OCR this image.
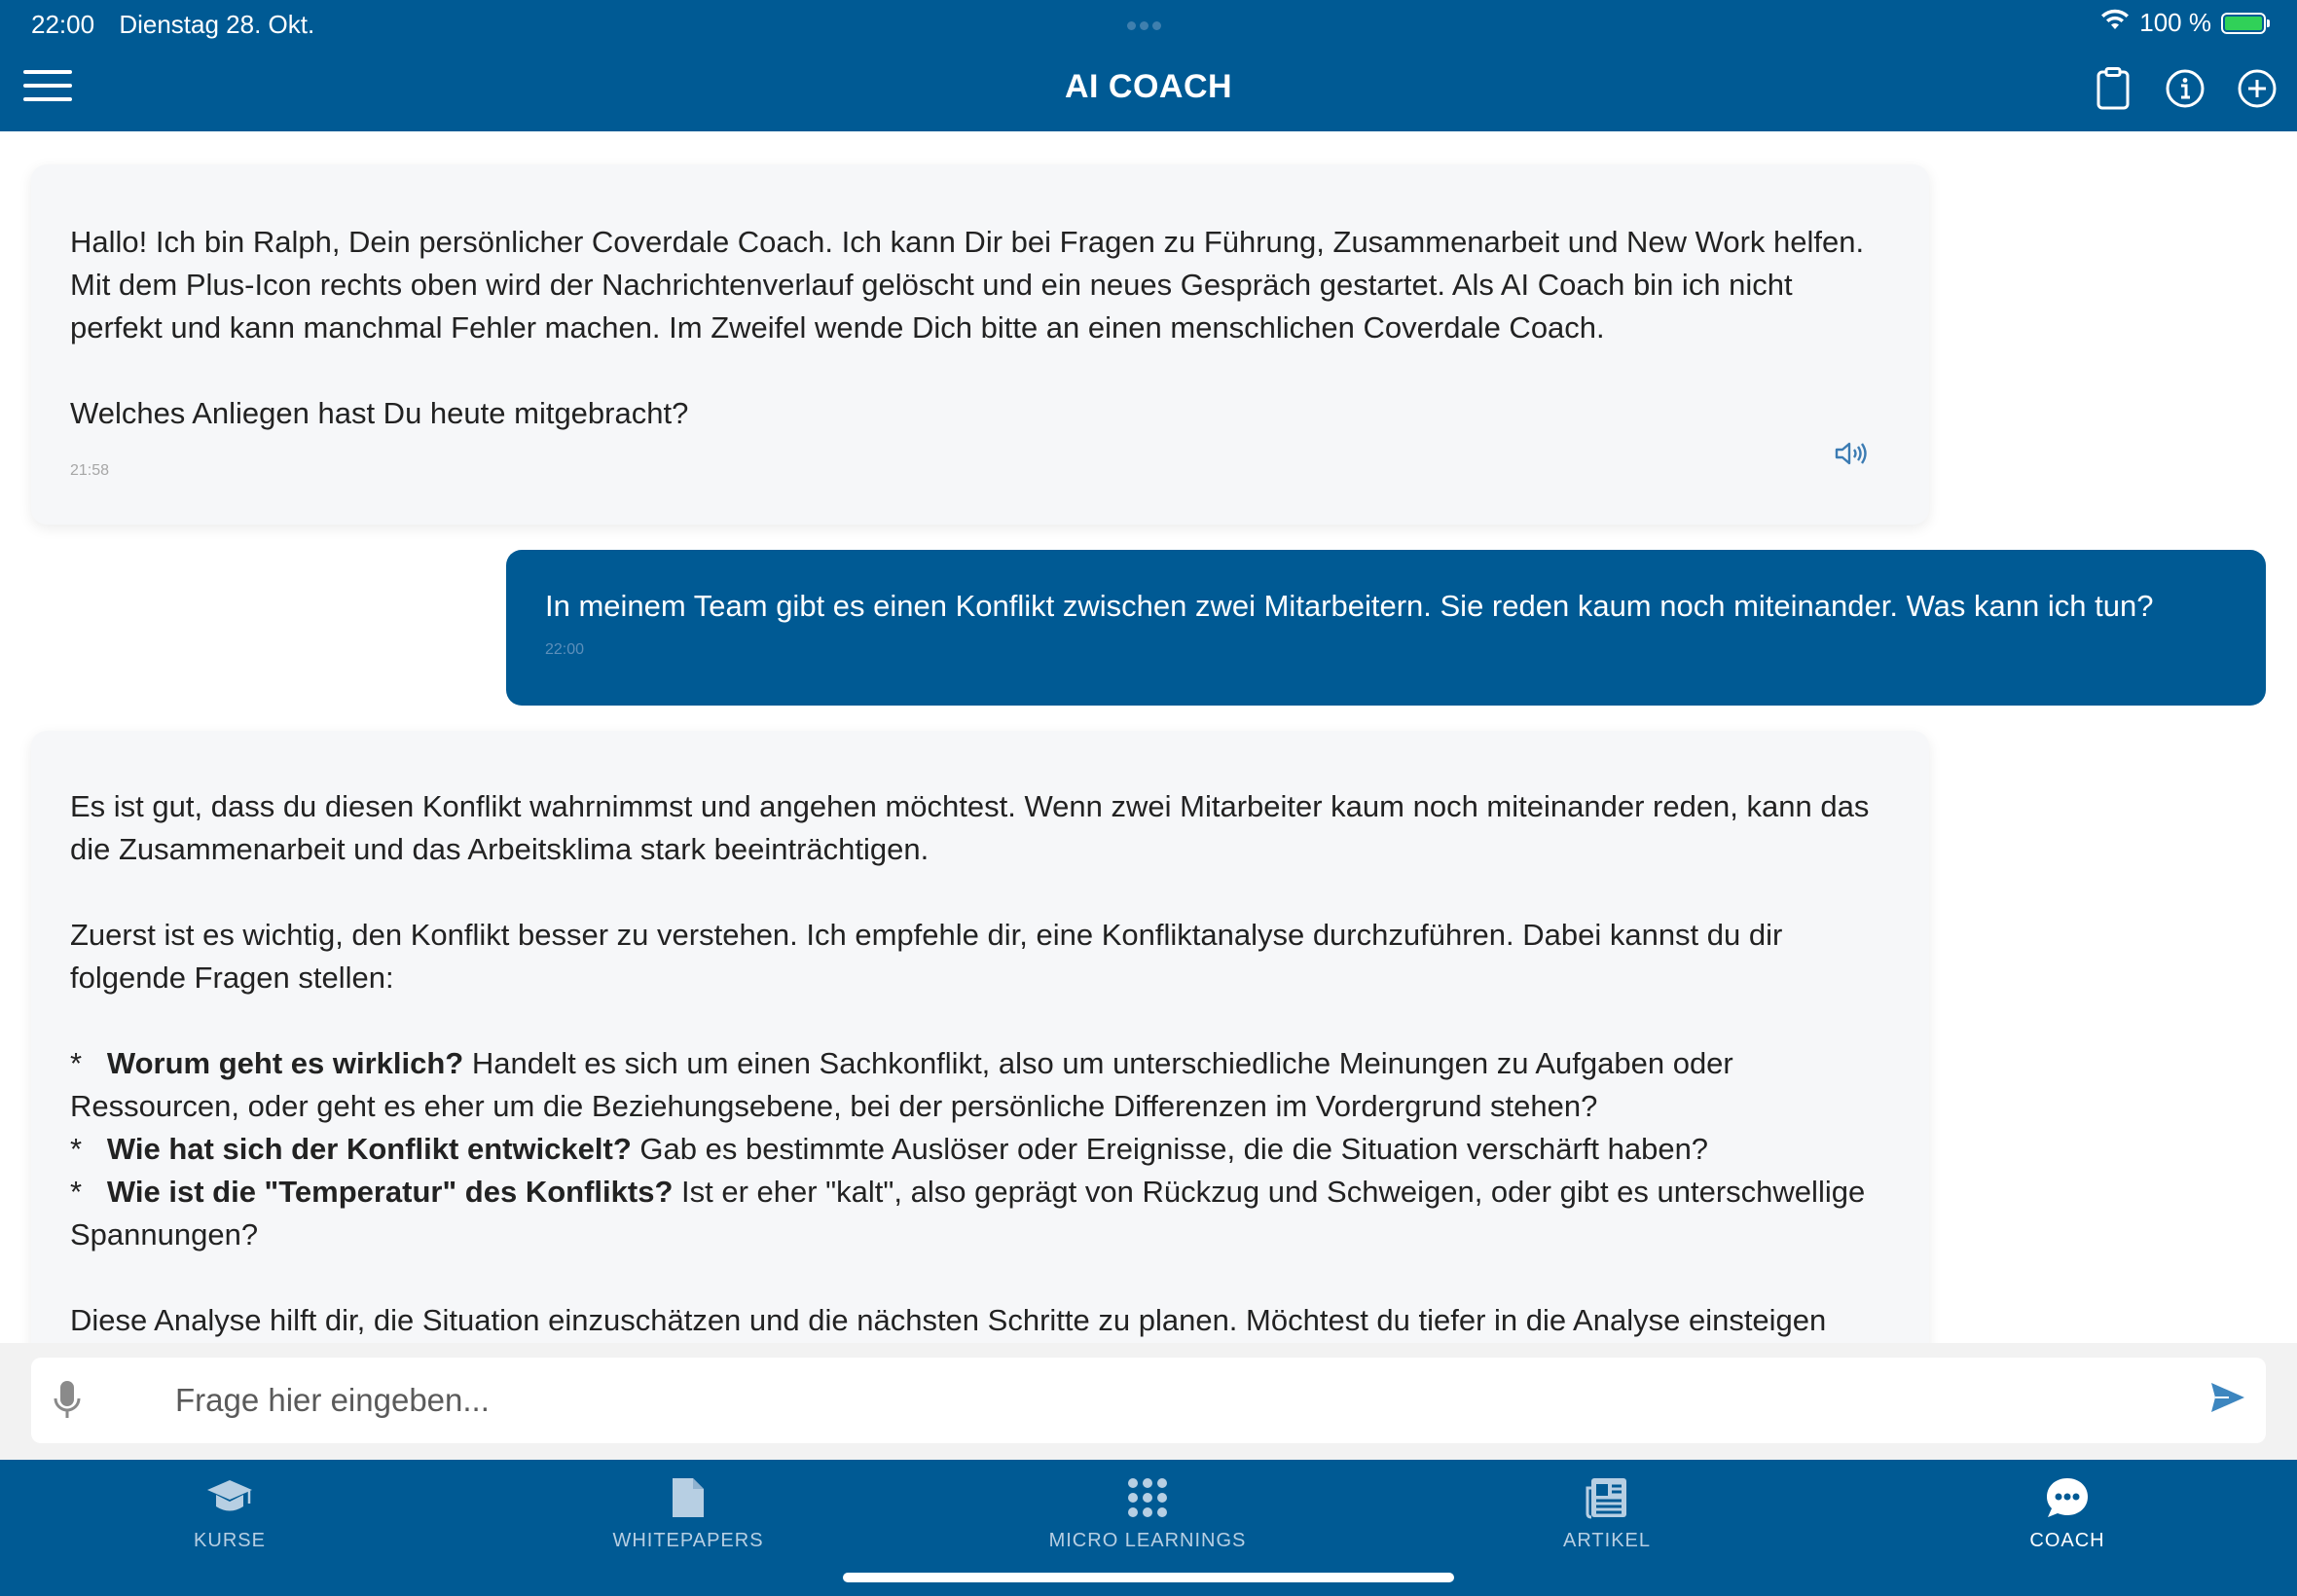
22:00 Dienstag 28. Okt.	100 %
AI COACH

Hallo! Ich bin Ralph, Dein persönlicher Coverdale Coach. Ich kann Dir bei Fragen zu Führung, Zusammenarbeit und New Work helfen. Mit dem Plus-Icon rechts oben wird der Nachrichtenverlauf gelöscht und ein neues Gespräch gestartet. Als AI Coach bin ich nicht perfekt und kann manchmal Fehler machen. Im Zweifel wende Dich bitte an einen menschlichen Coverdale Coach.

Welches Anliegen hast Du heute mitgebracht?

21:58

In meinem Team gibt es einen Konflikt zwischen zwei Mitarbeitern. Sie reden kaum noch miteinander. Was kann ich tun?

22:00

Es ist gut, dass du diesen Konflikt wahrnimmst und angehen möchtest. Wenn zwei Mitarbeiter kaum noch miteinander reden, kann das die Zusammenarbeit und das Arbeitsklima stark beeinträchtigen.

Zuerst ist es wichtig, den Konflikt besser zu verstehen. Ich empfehle dir, eine Konfliktanalyse durchzuführen. Dabei kannst du dir folgende Fragen stellen:

*   Worum geht es wirklich? Handelt es sich um einen Sachkonflikt, also um unterschiedliche Meinungen zu Aufgaben oder Ressourcen, oder geht es eher um die Beziehungsebene, bei der persönliche Differenzen im Vordergrund stehen?

*   Wie hat sich der Konflikt entwickelt? Gab es bestimmte Auslöser oder Ereignisse, die die Situation verschärft haben?

*   Wie ist die "Temperatur" des Konflikts? Ist er eher "kalt", also geprägt von Rückzug und Schweigen, oder gibt es unterschwellige Spannungen?

Diese Analyse hilft dir, die Situation einzuschätzen und die nächsten Schritte zu planen. Möchtest du tiefer in die Analyse einsteigen

Frage hier eingeben...
KURSE	WHITEPAPERS	MICRO LEARNINGS	ARTIKEL	COACH
